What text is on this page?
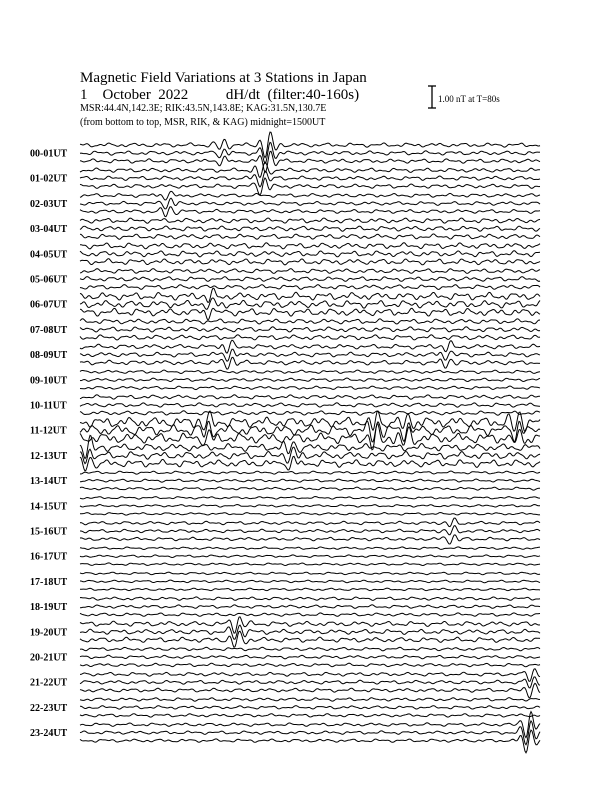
00-01UT
01-02UT
02-03UT
03-04UT
04-05UT
05-06UT
06-07UT
07-08UT
08-09UT
09-10UT
10-11UT
11-12UT
12-13UT
13-14UT
14-15UT
15-16UT
16-17UT
17-18UT
18-19UT
19-20UT
20-21UT
21-22UT
22-23UT
23-24UT
Magnetic Field Variations at 3 Stations in Japan
1    October  2022	dH/dt  (filter:40-160s)
MSR:44.4N,142.3E; RIK:43.5N,143.8E; KAG:31.5N,130.7E
(from bottom to top, MSR, RIK, & KAG) midnight=1500UT
1.00 nT at T=80s
